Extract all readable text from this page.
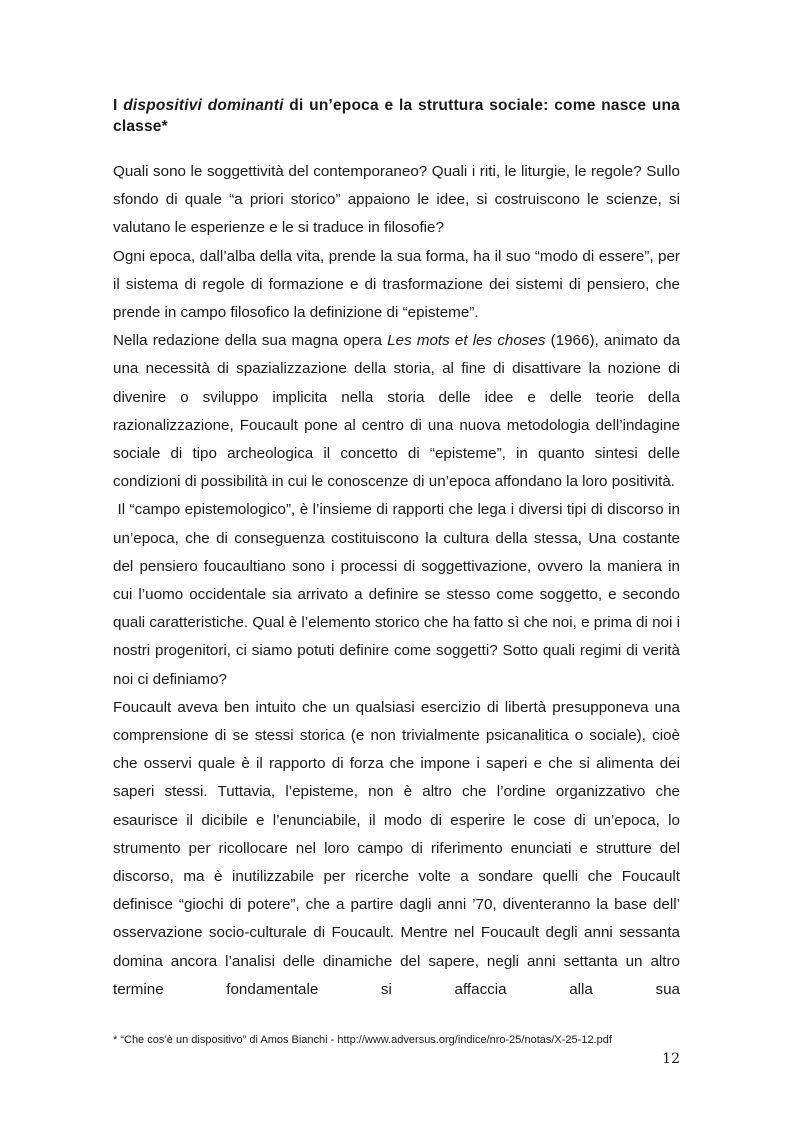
I dispositivi dominanti di un’epoca e la struttura sociale: come nasce una classe*

Quali sono le soggettività del contemporaneo? Quali i riti, le liturgie, le regole? Sullo sfondo di quale “a priori storico” appaiono le idee, si costruiscono le scienze, si valutano le esperienze e le si traduce in filosofie?

Ogni epoca, dall’alba della vita, prende la sua forma, ha il suo “modo di essere”, per il sistema di regole di formazione e di trasformazione dei sistemi di pensiero, che prende in campo filosofico la definizione di “episteme”.

Nella redazione della sua magna opera Les mots et les choses (1966), animato da una necessità di spazializzazione della storia, al fine di disattivare la nozione di divenire o sviluppo implicita nella storia delle idee e delle teorie della razionalizzazione, Foucault pone al centro di una nuova metodologia dell’indagine sociale di tipo archeologica il concetto di “episteme”, in quanto sintesi delle condizioni di possibilità in cui le conoscenze di un’epoca affondano la loro positività.

Il “campo epistemologico”, è l’insieme di rapporti che lega i diversi tipi di discorso in un’epoca, che di conseguenza costituiscono la cultura della stessa, Una costante del pensiero foucaultiano sono i processi di soggettivazione, ovvero la maniera in cui l’uomo occidentale sia arrivato a definire se stesso come soggetto, e secondo quali caratteristiche. Qual è l’elemento storico che ha fatto sì che noi, e prima di noi i nostri progenitori, ci siamo potuti definire come soggetti? Sotto quali regimi di verità noi ci definiamo?

Foucault aveva ben intuito che un qualsiasi esercizio di libertà presupponeva una comprensione di se stessi storica (e non trivialmente psicanalitica o sociale), cioè che osservi quale è il rapporto di forza che impone i saperi e che si alimenta dei saperi stessi. Tuttavia, l’episteme, non è altro che l’ordine organizzativo che esaurisce il dicibile e l’enunciabile, il modo di esperire le cose di un’epoca, lo strumento per ricollocare nel loro campo di riferimento enunciati e strutture del discorso, ma è inutilizzabile per ricerche volte a sondare quelli che Foucault definisce “giochi di potere”, che a partire dagli anni ’70, diventeranno la base dell’ osservazione socio-culturale di Foucault. Mentre nel Foucault degli anni sessanta domina ancora l’analisi delle dinamiche del sapere, negli anni settanta un altro termine fondamentale si affaccia alla sua

* “Che cos’è un dispositivo” di Amos Bianchi - http://www.adversus.org/indice/nro-25/notas/X-25-12.pdf
12
